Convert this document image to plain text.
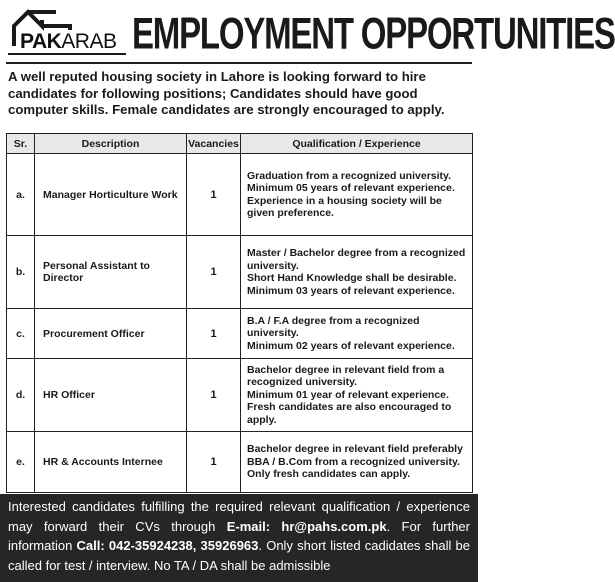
PAKARAB EMPLOYMENT OPPORTUNITIES
A well reputed housing society in Lahore is looking forward to hire candidates for following positions; Candidates should have good computer skills. Female candidates are strongly encouraged to apply.
Sr.	Description	Vacancies	Qualification / Experience
a.	Manager Horticulture Work	1	Graduation from a recognized university.
Minimum 05 years of relevant experience.
Experience in a housing society will be given preference.

b.	Personal Assistant to Director	1	Master / Bachelor degree from a recognized university.
Short Hand Knowledge shall be desirable.
Minimum 03 years of relevant experience.

c.	Procurement Officer	1	B.A / F.A degree from a recognized university.
Minimum 02 years of relevant experience.

d.	HR Officer	1	Bachelor degree in relevant field from a recognized university.
Minimum 01 year of relevant experience.
Fresh candidates are also encouraged to apply.

e.	HR & Accounts Internee	1	Bachelor degree in relevant field preferably BBA / B.Com from a recognized university.
Only fresh candidates can apply.
Interested candidates fulfilling the required relevant qualification / experience may forward their CVs through E-mail: hr@pahs.com.pk. For further information Call: 042-35924238, 35926963. Only short listed cadidates shall be called for test / interview. No TA / DA shall be admissible
